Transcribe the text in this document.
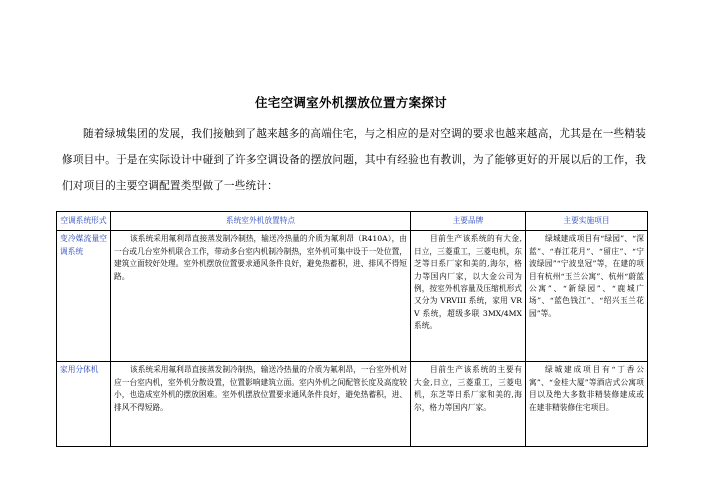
住宅空调室外机摆放位置方案探讨

随着绿城集团的发展，我们接触到了越来越多的高端住宅，与之相应的是对空调的要求也越来越高，尤其是在一些精装修项目中。于是在实际设计中碰到了许多空调设备的摆放问题，其中有经验也有教训，为了能够更好的开展以后的工作，我们对项目的主要空调配置类型做了一些统计：

空调系统形式	系统室外机放置特点	主要品牌	主要实施项目
变冷媒流量空调系统	该系统采用氟利昂直接蒸发制冷制热，输送冷热量的介质为氟利昂（R410A），由一台或几台室外机联合工作，带动多台室内机制冷制热，室外机可集中设于一处位置，建筑立面较好处理。室外机摆放位置要求通风条件良好，避免热蓄积，进、排风不得短路。	目前生产该系统的有大金,日立，三菱重工，三菱电机，东芝等日系厂家和美的,海尔，格力等国内厂家，以大金公司为例，按室外机容量及压缩机形式又分为 VRVIII 系统，家用 VRV 系统，超级多联 3MX/4MX 系统。	绿城建成项目有“绿园”、“深蓝”、“春江花月”、“留庄”、“宁波绿园”“宁波皇冠”等，在建的项目有杭州“玉兰公寓”、杭州“蔚蓝公寓”、“新绿园”、“鹿城广场”、“蓝色钱江”、“绍兴玉兰花园”等。
家用分体机	该系统采用氟利昂直接蒸发制冷制热，输送冷热量的介质为氟利昂，一台室外机对应一台室内机，室外机分散设置，位置影响建筑立面。室内外机之间配管长度及高度较小，也造成室外机的摆放困难。室外机摆放位置要求通风条件良好，避免热蓄积，进、排风不得短路。	目前生产该系统的主要有大金,日立，三菱重工，三菱电机，东芝等日系厂家和美的,海尔，格力等国内厂家。	绿城建成项目有“丁香公寓”、“金桂大厦”等酒店式公寓项目以及绝大多数非精装修建成或在建非精装修住宅项目。
